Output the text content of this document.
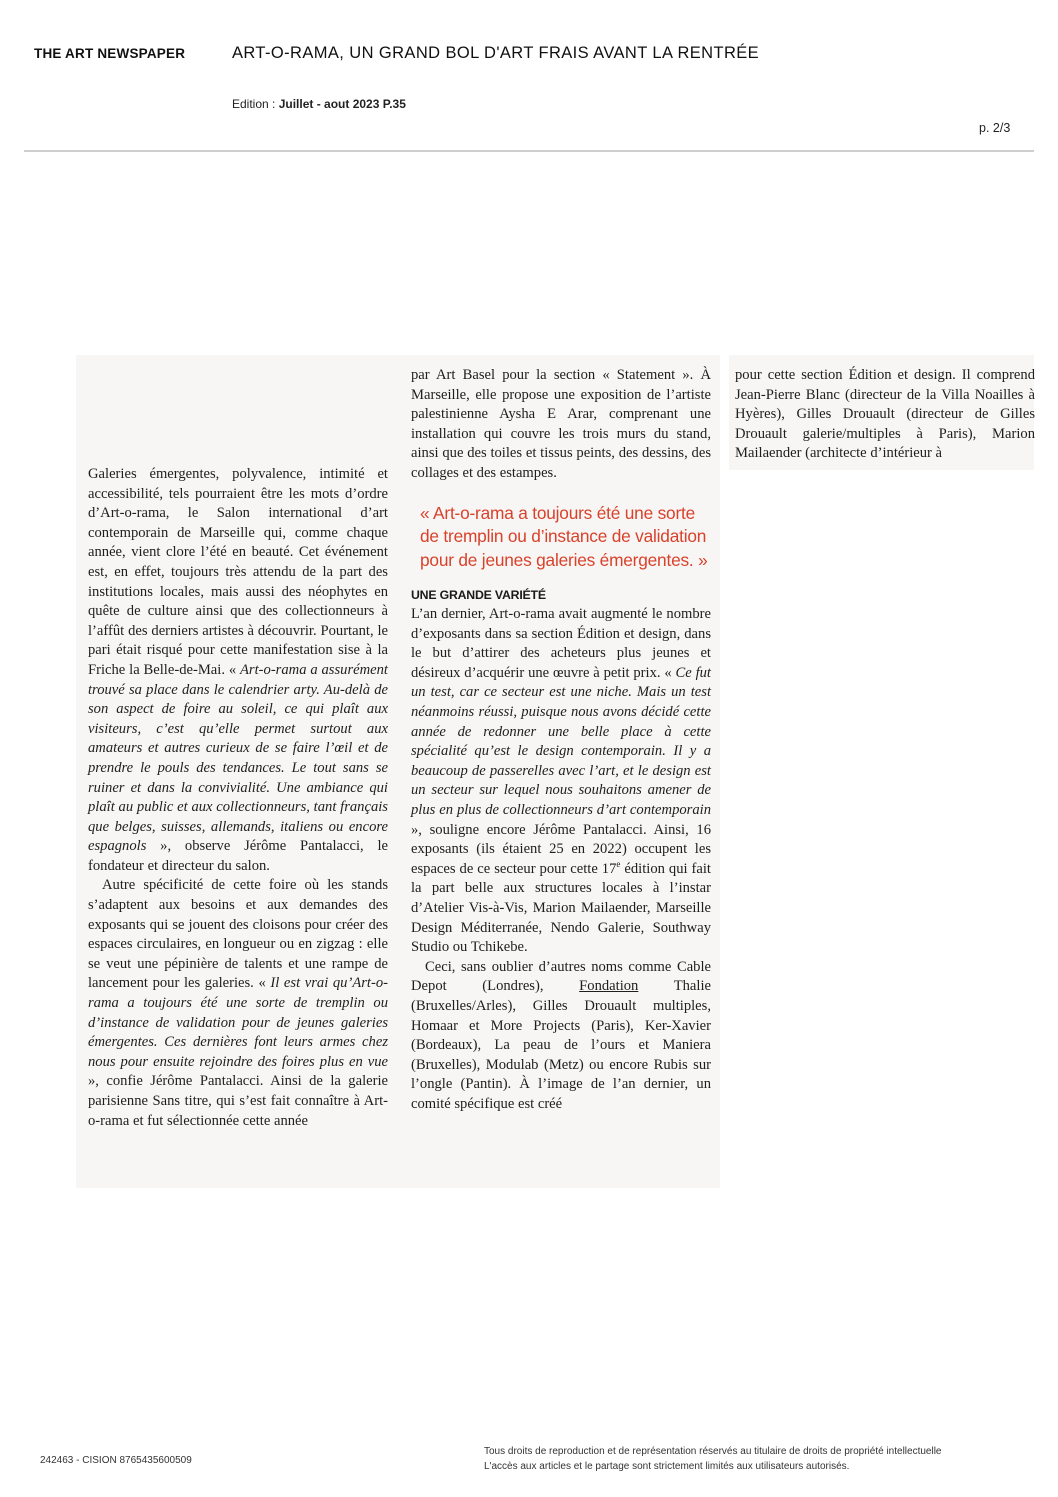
THE ART NEWSPAPER	ART-O-RAMA, UN GRAND BOL D'ART FRAIS AVANT LA RENTRÉE
Edition : Juillet - aout 2023 P.35
p. 2/3

Galeries émergentes, polyvalence, intimité et accessibilité, tels pourraient être les mots d’ordre d’Art-o-rama, le Salon international d’art contemporain de Marseille qui, comme chaque année, vient clore l’été en beauté. Cet événement est, en effet, toujours très attendu de la part des institutions locales, mais aussi des néophytes en quête de culture ainsi que des collectionneurs à l’affût des derniers artistes à découvrir. Pourtant, le pari était risqué pour cette manifestation sise à la Friche la Belle-de-Mai. « Art-o-rama a assurément trouvé sa place dans le calendrier arty. Au-delà de son aspect de foire au soleil, ce qui plaît aux visiteurs, c’est qu’elle permet surtout aux amateurs et autres curieux de se faire l’œil et de prendre le pouls des tendances. Le tout sans se ruiner et dans la convivialité. Une ambiance qui plaît au public et aux collectionneurs, tant français que belges, suisses, allemands, italiens ou encore espagnols », observe Jérôme Pantalacci, le fondateur et directeur du salon.

Autre spécificité de cette foire où les stands s’adaptent aux besoins et aux demandes des exposants qui se jouent des cloisons pour créer des espaces circulaires, en longueur ou en zigzag : elle se veut une pépinière de talents et une rampe de lancement pour les galeries. « Il est vrai qu’Art-o-rama a toujours été une sorte de tremplin ou d’instance de validation pour de jeunes galeries émergentes. Ces dernières font leurs armes chez nous pour ensuite rejoindre des foires plus en vue », confie Jérôme Pantalacci. Ainsi de la galerie parisienne Sans titre, qui s’est fait connaître à Art-o-rama et fut sélectionnée cette année

par Art Basel pour la section « Statement ». À Marseille, elle propose une exposition de l’artiste palestinienne Aysha E Arar, comprenant une installation qui couvre les trois murs du stand, ainsi que des toiles et tissus peints, des dessins, des collages et des estampes.

« Art-o-rama a toujours été une sorte de tremplin ou d’instance de validation pour de jeunes galeries émergentes. »
UNE GRANDE VARIÉTÉ

L’an dernier, Art-o-rama avait augmenté le nombre d’exposants dans sa section Édition et design, dans le but d’attirer des acheteurs plus jeunes et désireux d’acquérir une œuvre à petit prix. « Ce fut un test, car ce secteur est une niche. Mais un test néanmoins réussi, puisque nous avons décidé cette année de redonner une belle place à cette spécialité qu’est le design contemporain. Il y a beaucoup de passerelles avec l’art, et le design est un secteur sur lequel nous souhaitons amener de plus en plus de collectionneurs d’art contemporain », souligne encore Jérôme Pantalacci. Ainsi, 16 exposants (ils étaient 25 en 2022) occupent les espaces de ce secteur pour cette 17e édition qui fait la part belle aux structures locales à l’instar d’Atelier Vis-à-Vis, Marion Mailaender, Marseille Design Méditerranée, Nendo Galerie, Southway Studio ou Tchikebe.

Ceci, sans oublier d’autres noms comme Cable Depot (Londres), Fondation Thalie (Bruxelles/Arles), Gilles Drouault multiples, Homaar et More Projects (Paris), Ker-Xavier (Bordeaux), La peau de l’ours et Maniera (Bruxelles), Modulab (Metz) ou encore Rubis sur l’ongle (Pantin). À l’image de l’an dernier, un comité spécifique est créé

pour cette section Édition et design. Il comprend Jean-Pierre Blanc (directeur de la Villa Noailles à Hyères), Gilles Drouault (directeur de Gilles Drouault galerie/multiples à Paris), Marion Mailaender (architecte d’intérieur à

242463 - CISION 8765435600509
Tous droits de reproduction et de représentation réservés au titulaire de droits de propriété intellectuelle
L'accès aux articles et le partage sont strictement limités aux utilisateurs autorisés.
